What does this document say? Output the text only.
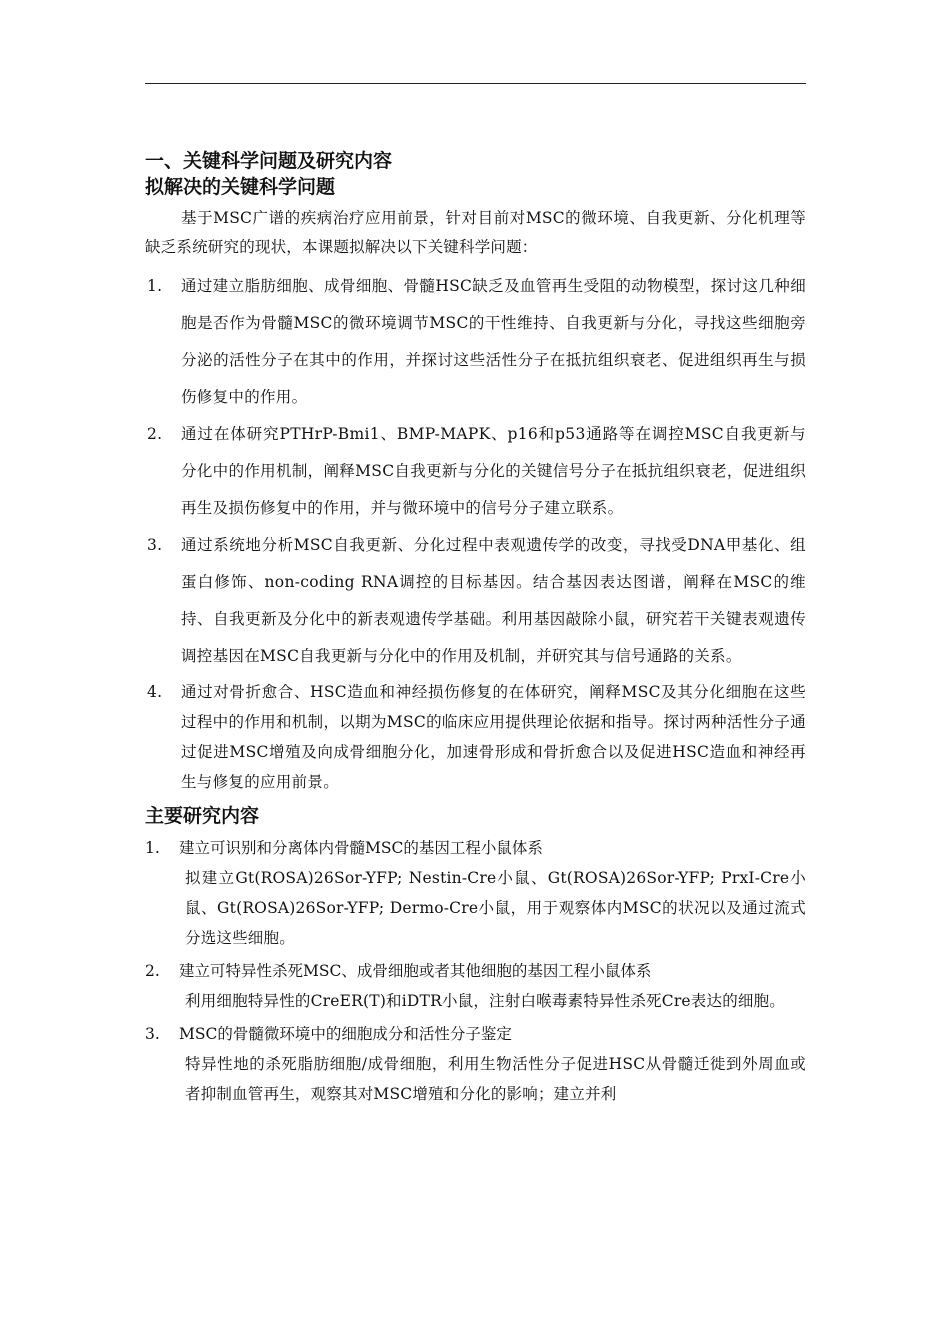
一、关键科学问题及研究内容
拟解决的关键科学问题

基于MSC广谱的疾病治疗应用前景，针对目前对MSC的微环境、自我更新、分化机理等缺乏系统研究的现状，本课题拟解决以下关键科学问题：

1. 通过建立脂肪细胞、成骨细胞、骨髓HSC缺乏及血管再生受阻的动物模型，探讨这几种细胞是否作为骨髓MSC的微环境调节MSC的干性维持、自我更新与分化，寻找这些细胞旁分泌的活性分子在其中的作用，并探讨这些活性分子在抵抗组织衰老、促进组织再生与损伤修复中的作用。
2. 通过在体研究PTHrP-Bmi1、BMP-MAPK、p16和p53通路等在调控MSC自我更新与分化中的作用机制，阐释MSC自我更新与分化的关键信号分子在抵抗组织衰老，促进组织再生及损伤修复中的作用，并与微环境中的信号分子建立联系。
3. 通过系统地分析MSC自我更新、分化过程中表观遗传学的改变，寻找受DNA甲基化、组蛋白修饰、non-coding RNA调控的目标基因。结合基因表达图谱，阐释在MSC的维持、自我更新及分化中的新表观遗传学基础。利用基因敲除小鼠，研究若干关键表观遗传调控基因在MSC自我更新与分化中的作用及机制，并研究其与信号通路的关系。
4. 通过对骨折愈合、HSC造血和神经损伤修复的在体研究，阐释MSC及其分化细胞在这些过程中的作用和机制，以期为MSC的临床应用提供理论依据和指导。探讨两种活性分子通过促进MSC增殖及向成骨细胞分化，加速骨形成和骨折愈合以及促进HSC造血和神经再生与修复的应用前景。
主要研究内容
1. 建立可识别和分离体内骨髓MSC的基因工程小鼠体系

拟建立Gt(ROSA)26Sor-YFP; Nestin-Cre小鼠、Gt(ROSA)26Sor-YFP; PrxI-Cre小鼠、Gt(ROSA)26Sor-YFP; Dermo-Cre小鼠，用于观察体内MSC的状况以及通过流式分选这些细胞。

2. 建立可特异性杀死MSC、成骨细胞或者其他细胞的基因工程小鼠体系

利用细胞特异性的CreER(T)和iDTR小鼠，注射白喉毒素特异性杀死Cre表达的细胞。

3. MSC的骨髓微环境中的细胞成分和活性分子鉴定

特异性地的杀死脂肪细胞/成骨细胞，利用生物活性分子促进HSC从骨髓迁徙到外周血或者抑制血管再生，观察其对MSC增殖和分化的影响；建立并利
